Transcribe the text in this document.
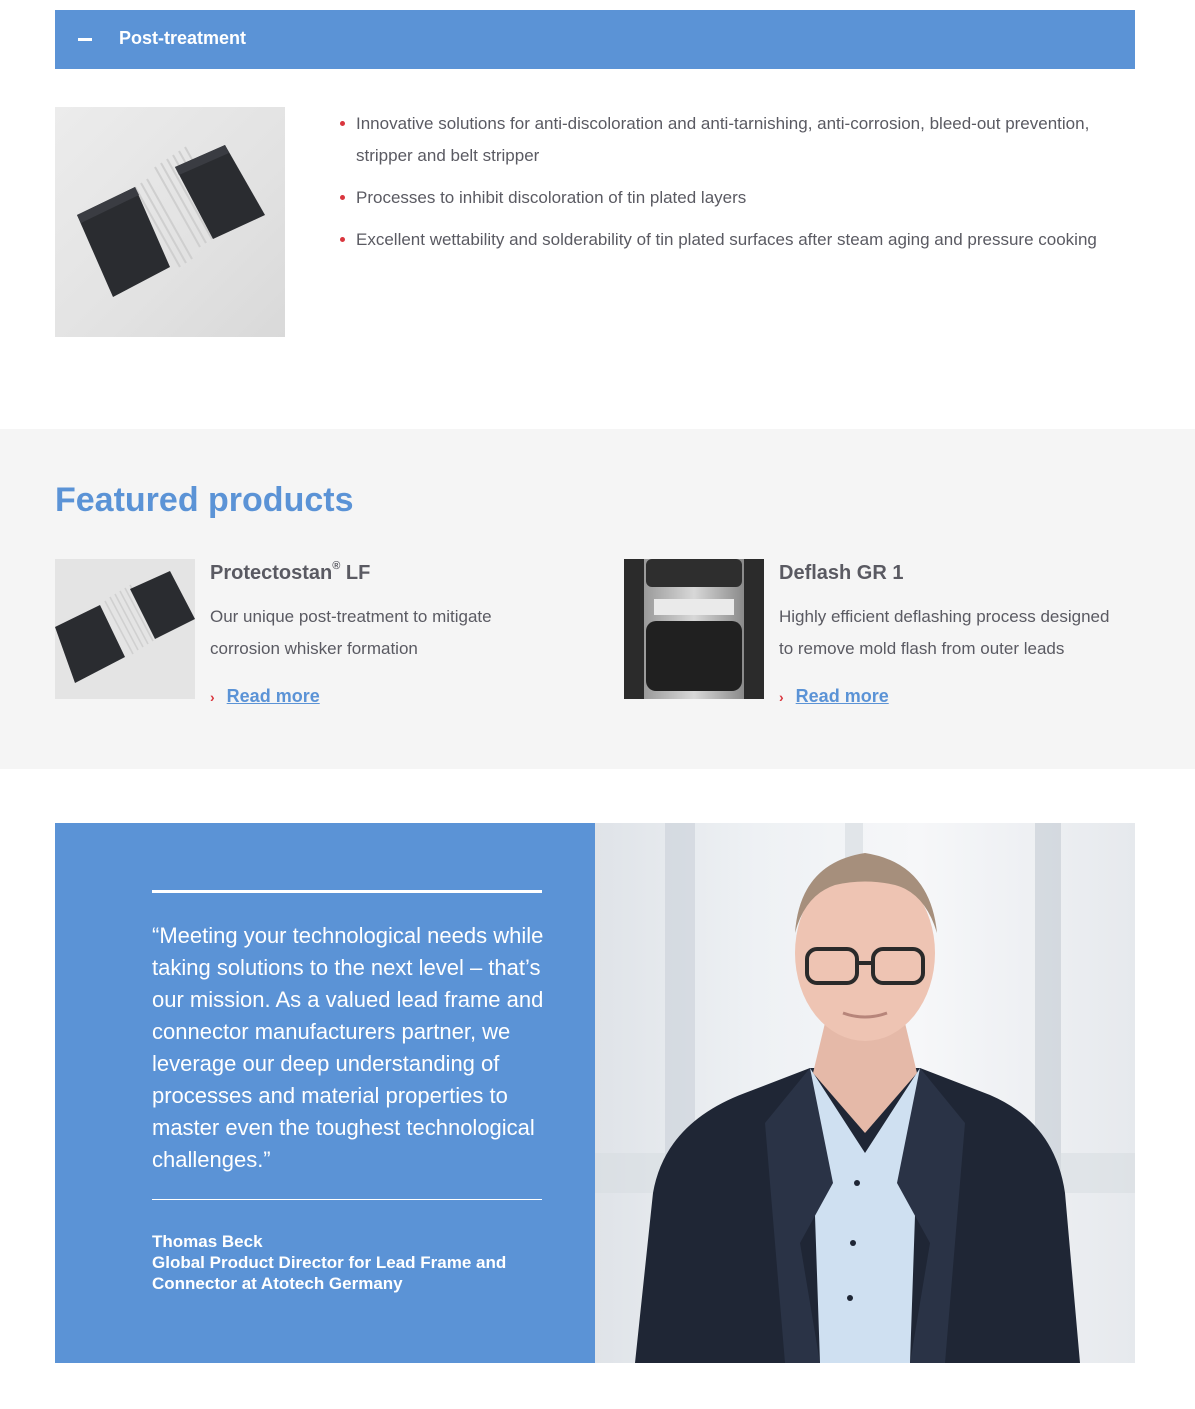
Post-treatment
Innovative solutions for anti-discoloration and anti-tarnishing, anti-corrosion, bleed-out prevention, stripper and belt stripper
Processes to inhibit discoloration of tin plated layers
Excellent wettability and solderability of tin plated surfaces after steam aging and pressure cooking
Featured products
Protectostan® LF
Our unique post-treatment to mitigate corrosion whisker formation
› Read more
Deflash GR 1
Highly efficient deflashing process designed to remove mold flash from outer leads
› Read more

“Meeting your technological needs while taking solutions to the next level – that’s our mission. As a valued lead frame and connector manufacturers partner, we leverage our deep understanding of processes and material properties to master even the toughest technological challenges.”

Thomas Beck
Global Product Director for Lead Frame and Connector at Atotech Germany
